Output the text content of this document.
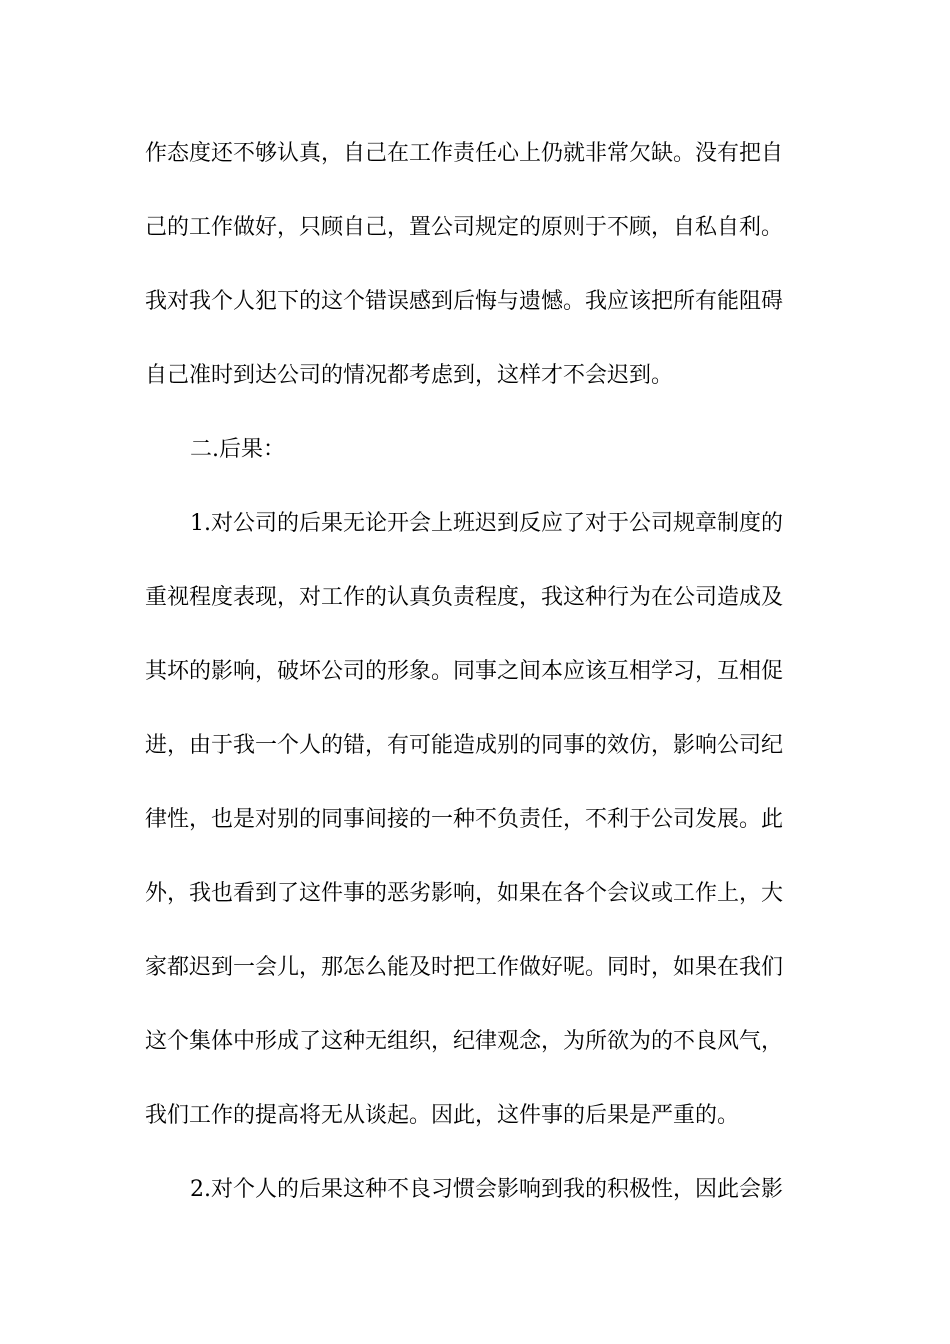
作态度还不够认真，自己在工作责任心上仍就非常欠缺。没有把自
己的工作做好，只顾自己，置公司规定的原则于不顾，自私自利。
我对我个人犯下的这个错误感到后悔与遗憾。我应该把所有能阻碍
自己准时到达公司的情况都考虑到，这样才不会迟到。
二.后果：
1.对公司的后果无论开会上班迟到反应了对于公司规章制度的
重视程度表现，对工作的认真负责程度，我这种行为在公司造成及
其坏的影响，破坏公司的形象。同事之间本应该互相学习，互相促
进，由于我一个人的错，有可能造成别的同事的效仿，影响公司纪
律性，也是对别的同事间接的一种不负责任，不利于公司发展。此
外，我也看到了这件事的恶劣影响，如果在各个会议或工作上，大
家都迟到一会儿，那怎么能及时把工作做好呢。同时，如果在我们
这个集体中形成了这种无组织，纪律观念，为所欲为的不良风气，
我们工作的提高将无从谈起。因此，这件事的后果是严重的。
2.对个人的后果这种不良习惯会影响到我的积极性，因此会影
